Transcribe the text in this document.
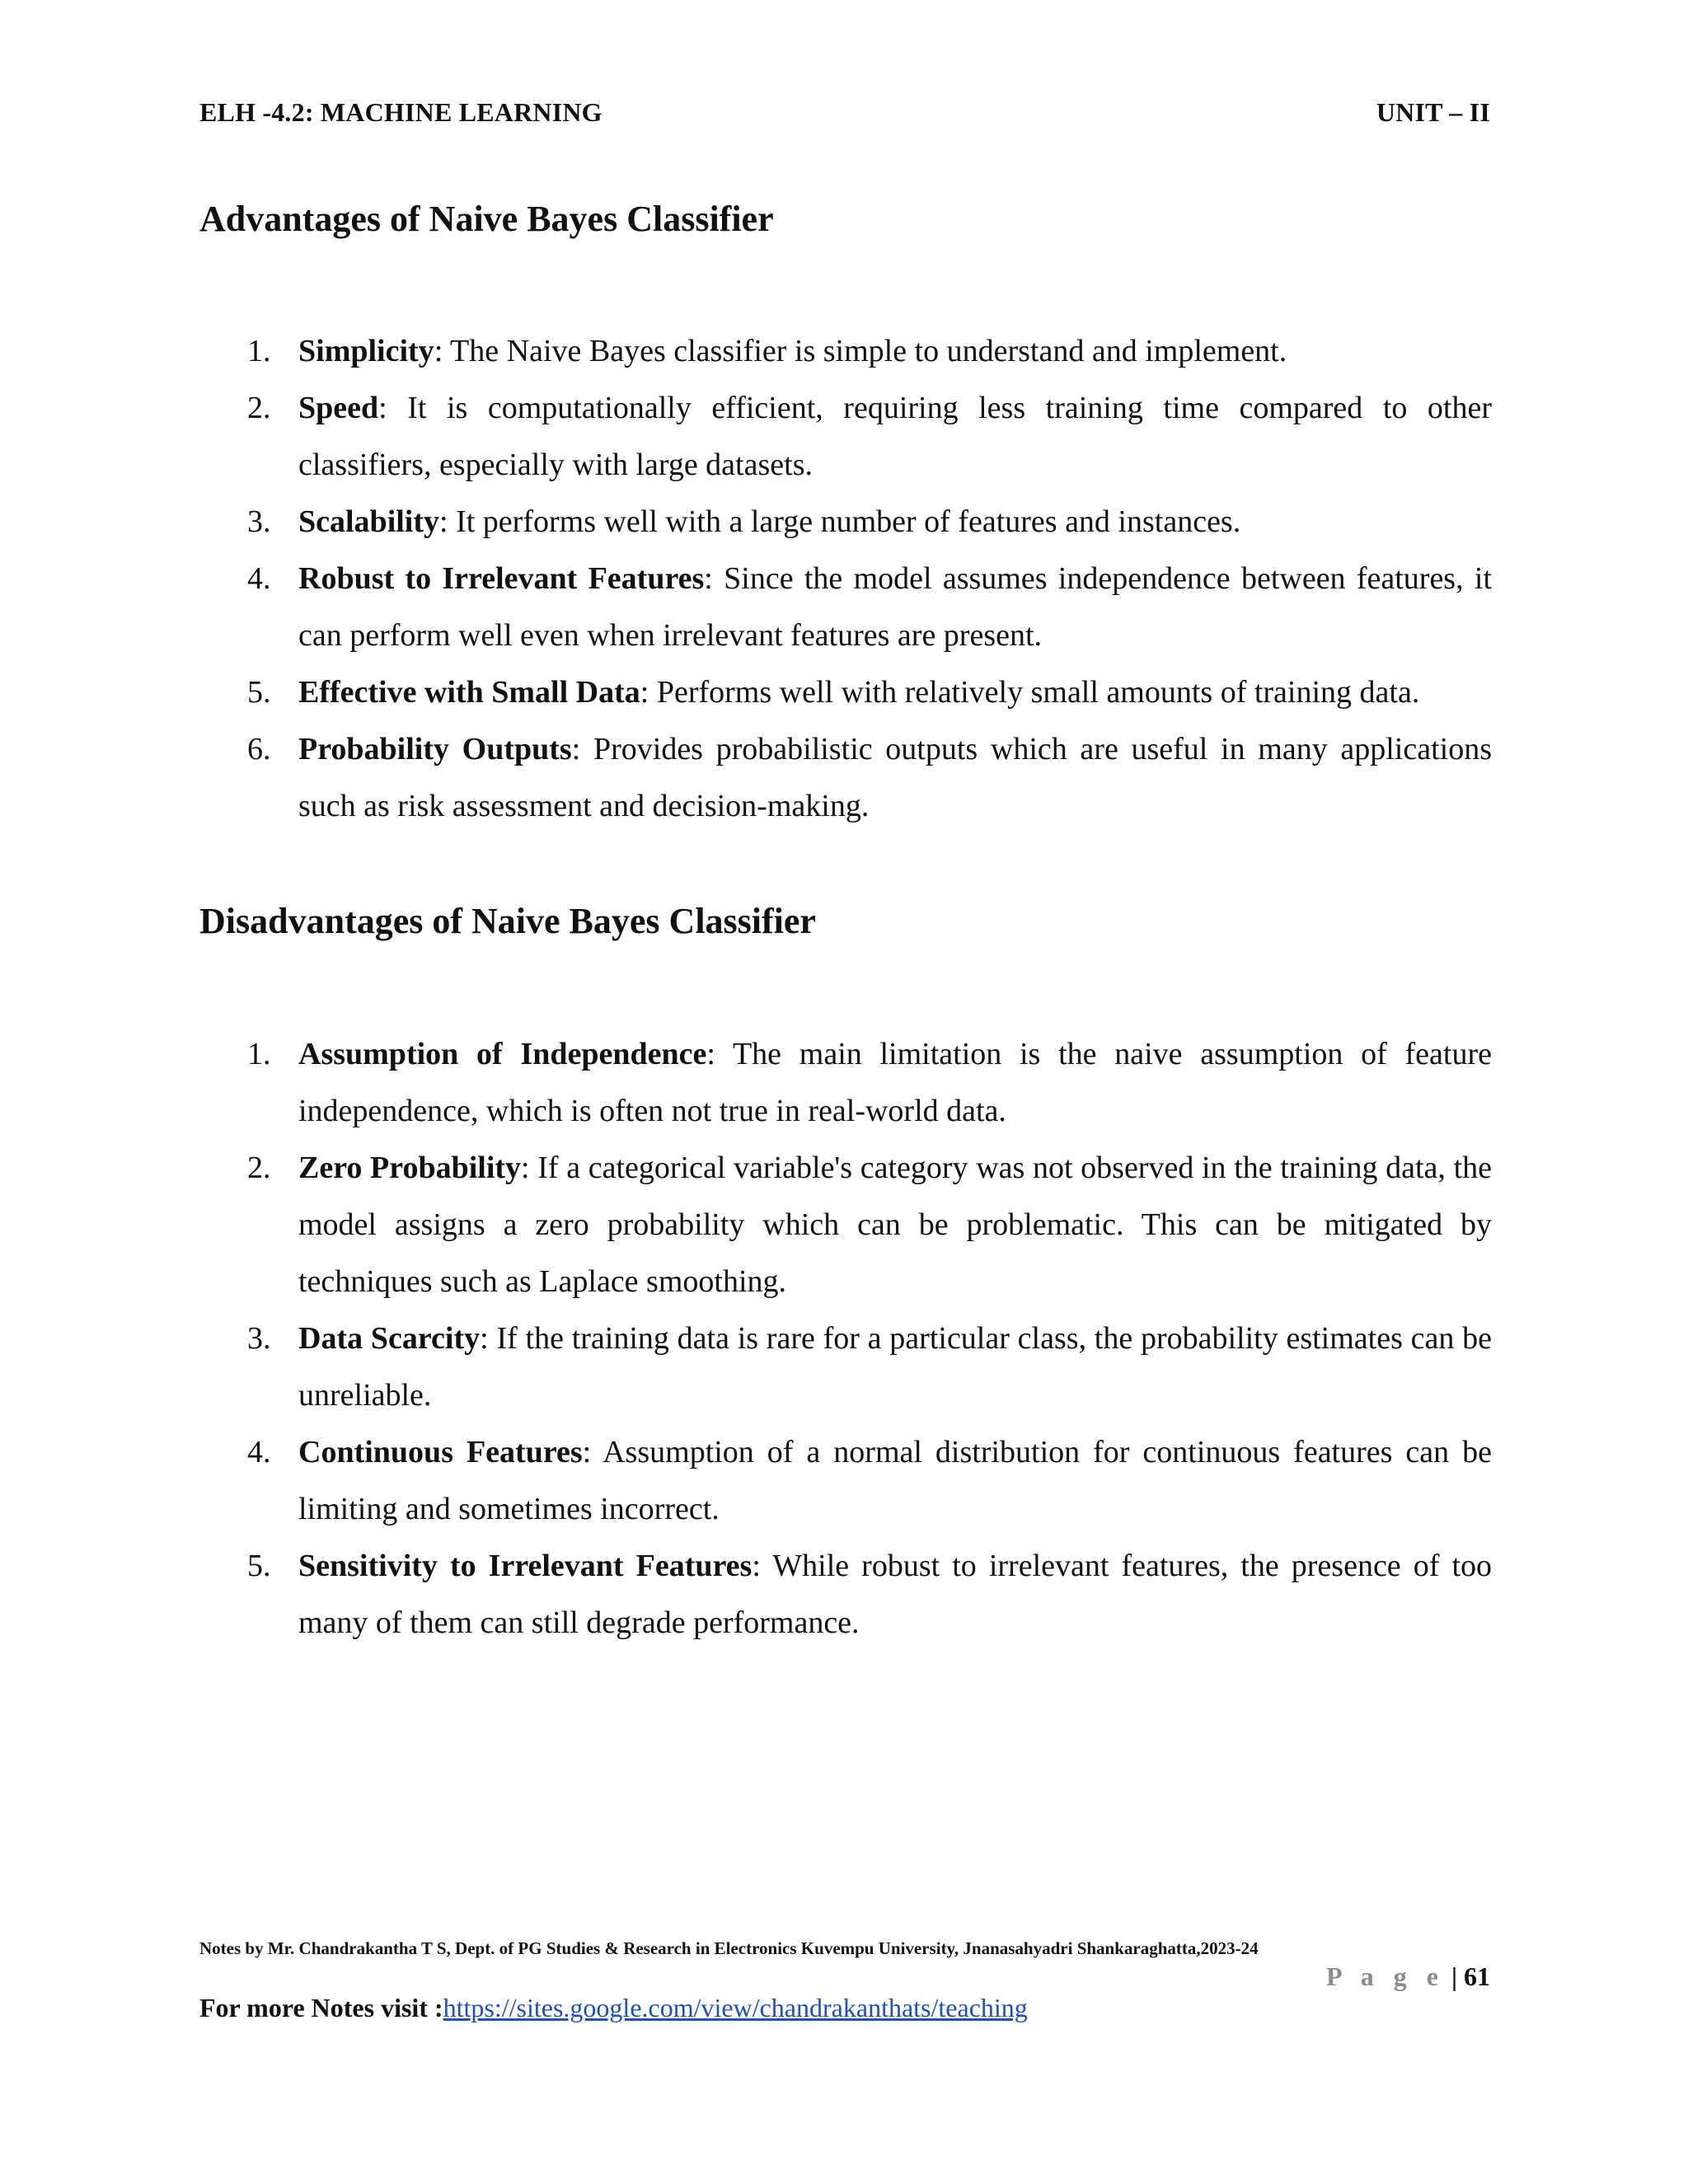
ELH -4.2: MACHINE LEARNING	UNIT – II
Advantages of Naive Bayes Classifier
1. Simplicity: The Naive Bayes classifier is simple to understand and implement.
2. Speed: It is computationally efficient, requiring less training time compared to other classifiers, especially with large datasets.
3. Scalability: It performs well with a large number of features and instances.
4. Robust to Irrelevant Features: Since the model assumes independence between features, it can perform well even when irrelevant features are present.
5. Effective with Small Data: Performs well with relatively small amounts of training data.
6. Probability Outputs: Provides probabilistic outputs which are useful in many applications such as risk assessment and decision-making.
Disadvantages of Naive Bayes Classifier
1. Assumption of Independence: The main limitation is the naive assumption of feature independence, which is often not true in real-world data.
2. Zero Probability: If a categorical variable's category was not observed in the training data, the model assigns a zero probability which can be problematic. This can be mitigated by techniques such as Laplace smoothing.
3. Data Scarcity: If the training data is rare for a particular class, the probability estimates can be unreliable.
4. Continuous Features: Assumption of a normal distribution for continuous features can be limiting and sometimes incorrect.
5. Sensitivity to Irrelevant Features: While robust to irrelevant features, the presence of too many of them can still degrade performance.
Notes by Mr. Chandrakantha T S, Dept. of PG Studies & Research in Electronics Kuvempu University, Jnanasahyadri Shankaraghatta,2023-24
P a g e | 61
For more Notes visit :https://sites.google.com/view/chandrakanthats/teaching
